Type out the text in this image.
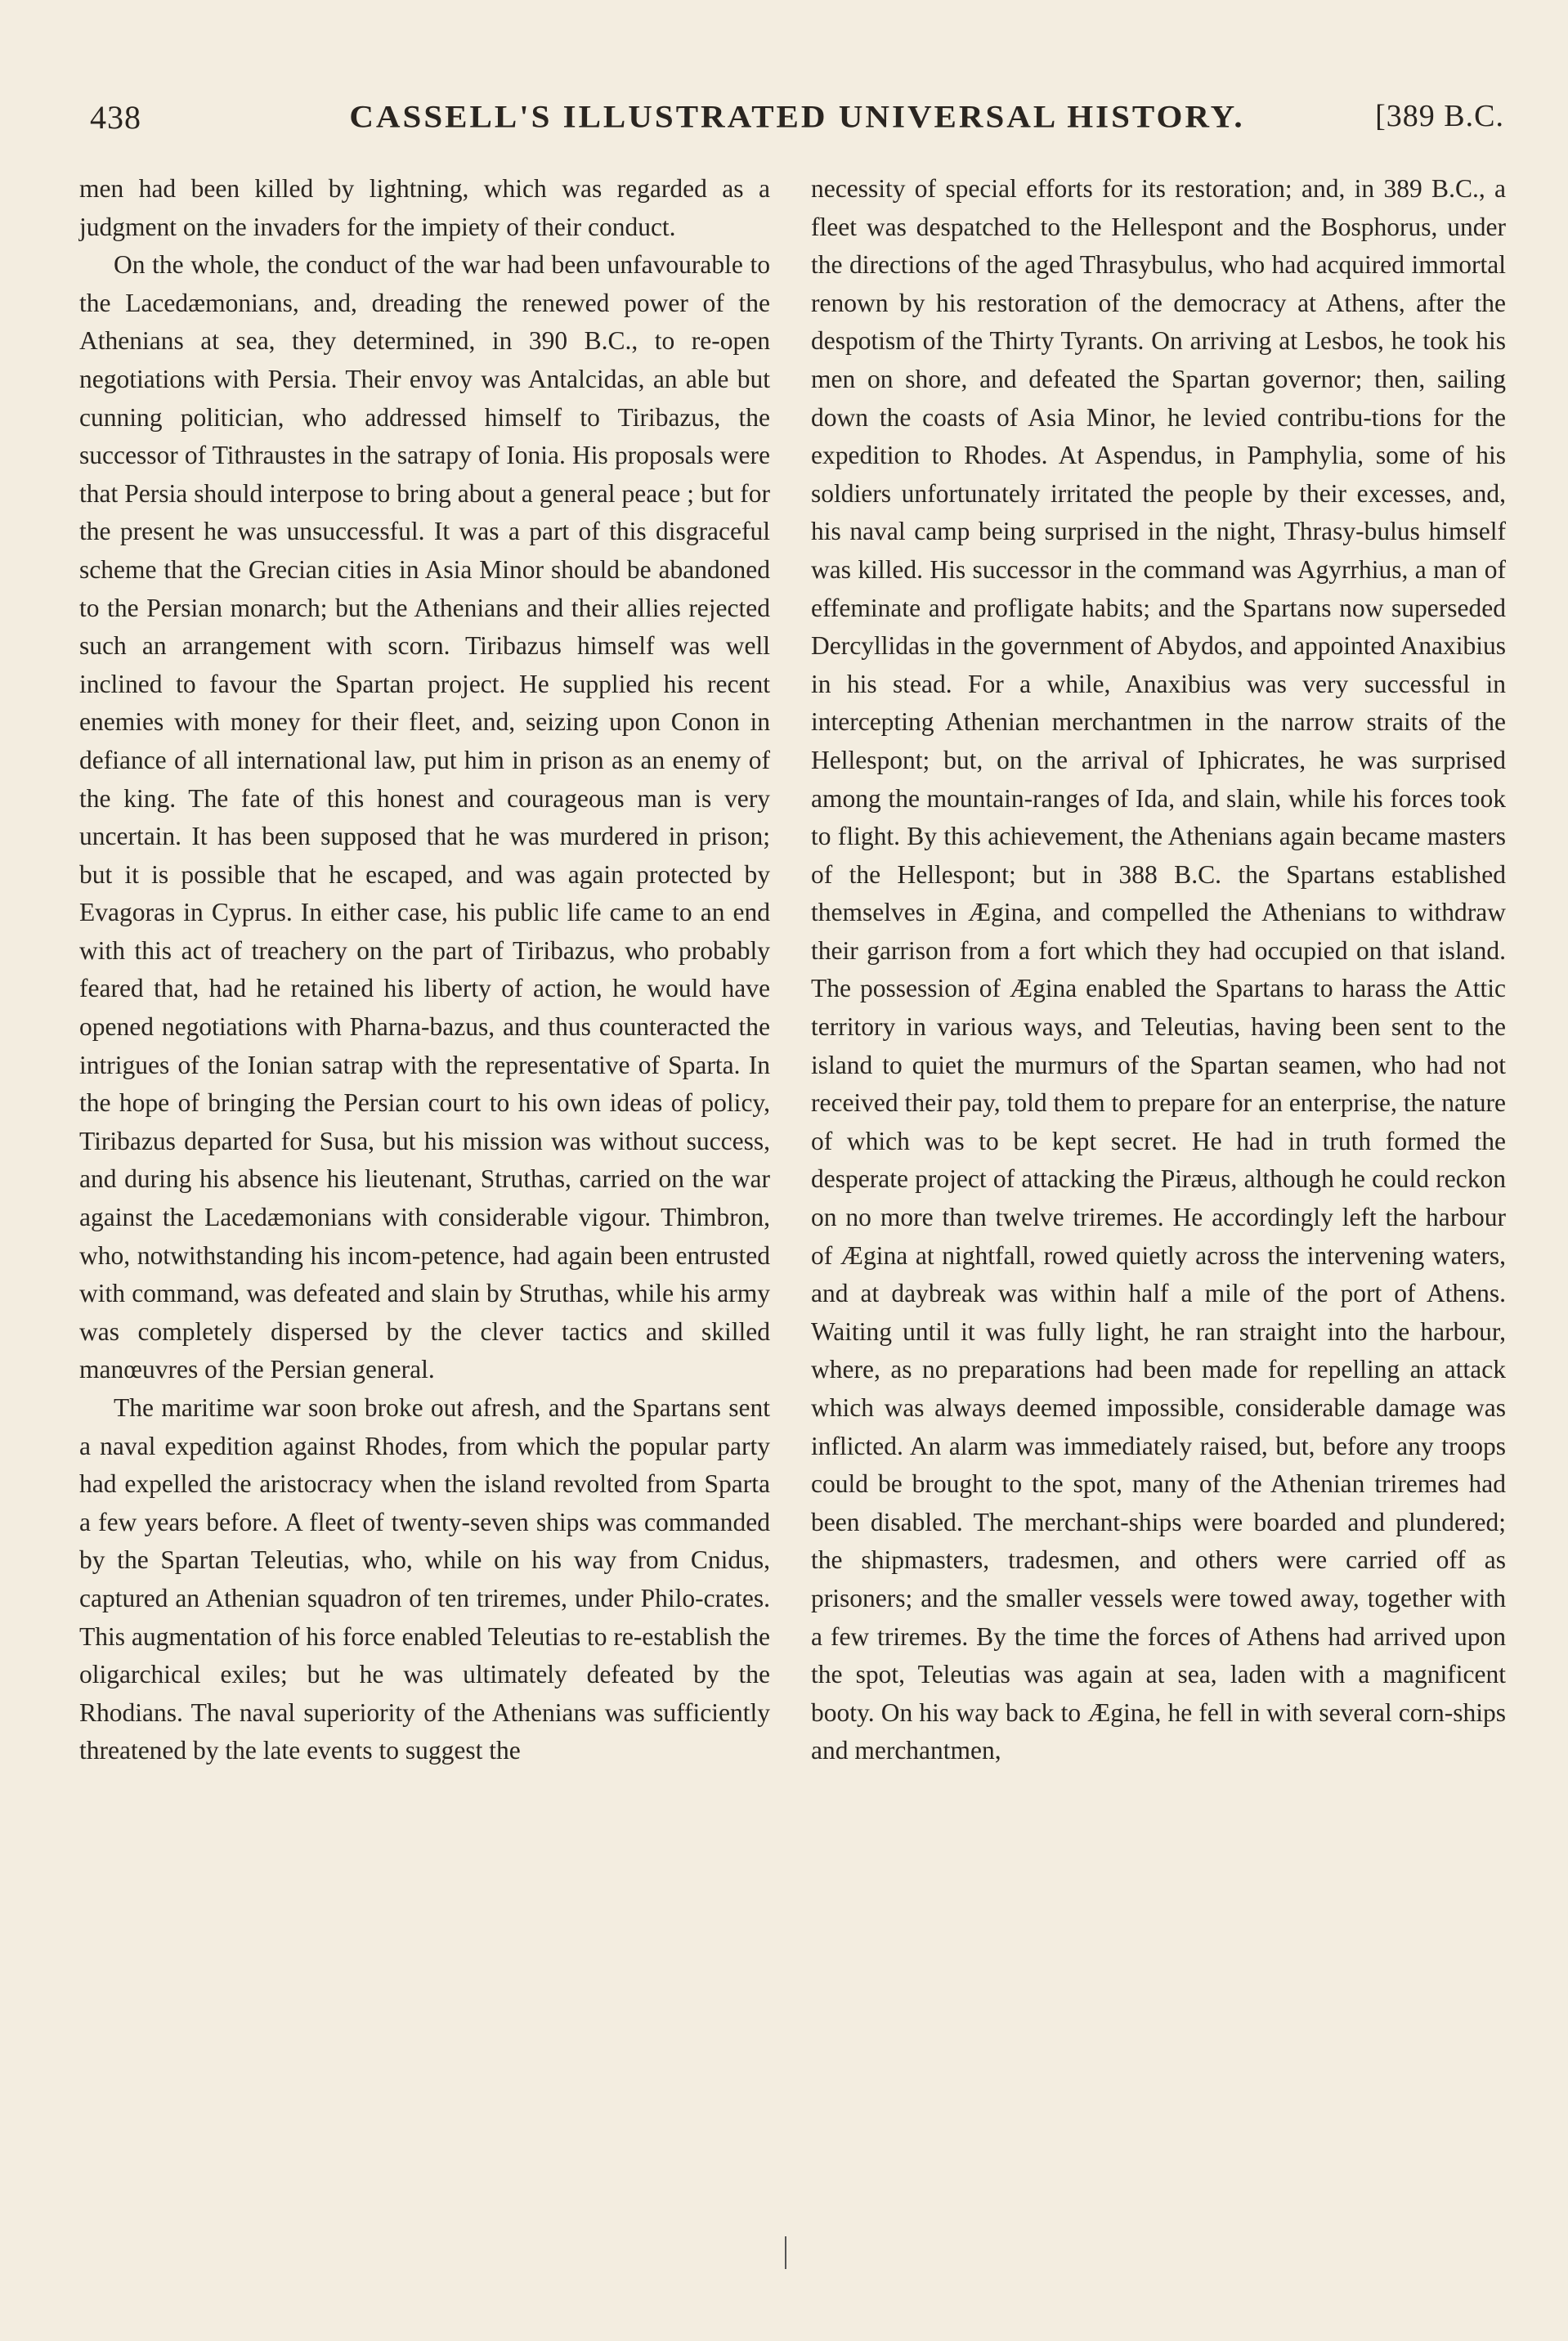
438	CASSELL'S ILLUSTRATED UNIVERSAL HISTORY.	[389 B.C.

men had been killed by lightning, which was regarded as a judgment on the invaders for the impiety of their conduct.

On the whole, the conduct of the war had been unfavourable to the Lacedæmonians, and, dreading the renewed power of the Athenians at sea, they determined, in 390 B.C., to re-open negotiations with Persia. Their envoy was Antalcidas, an able but cunning politician, who addressed himself to Tiribazus, the successor of Tithraustes in the satrapy of Ionia. His proposals were that Persia should interpose to bring about a general peace ; but for the present he was unsuccessful. It was a part of this disgraceful scheme that the Grecian cities in Asia Minor should be abandoned to the Persian monarch; but the Athenians and their allies rejected such an arrangement with scorn. Tiribazus himself was well inclined to favour the Spartan project. He supplied his recent enemies with money for their fleet, and, seizing upon Conon in defiance of all international law, put him in prison as an enemy of the king. The fate of this honest and courageous man is very uncertain. It has been supposed that he was murdered in prison; but it is possible that he escaped, and was again protected by Evagoras in Cyprus. In either case, his public life came to an end with this act of treachery on the part of Tiribazus, who probably feared that, had he retained his liberty of action, he would have opened negotiations with Pharna-bazus, and thus counteracted the intrigues of the Ionian satrap with the representative of Sparta. In the hope of bringing the Persian court to his own ideas of policy, Tiribazus departed for Susa, but his mission was without success, and during his absence his lieutenant, Struthas, carried on the war against the Lacedæmonians with considerable vigour. Thimbron, who, notwithstanding his incom-petence, had again been entrusted with command, was defeated and slain by Struthas, while his army was completely dispersed by the clever tactics and skilled manœuvres of the Persian general.

The maritime war soon broke out afresh, and the Spartans sent a naval expedition against Rhodes, from which the popular party had expelled the aristocracy when the island revolted from Sparta a few years before. A fleet of twenty-seven ships was commanded by the Spartan Teleutias, who, while on his way from Cnidus, captured an Athenian squadron of ten triremes, under Philo-crates. This augmentation of his force enabled Teleutias to re-establish the oligarchical exiles; but he was ultimately defeated by the Rhodians. The naval superiority of the Athenians was sufficiently threatened by the late events to suggest the

necessity of special efforts for its restoration; and, in 389 B.C., a fleet was despatched to the Hellespont and the Bosphorus, under the directions of the aged Thrasybulus, who had acquired immortal renown by his restoration of the democracy at Athens, after the despotism of the Thirty Tyrants. On arriving at Lesbos, he took his men on shore, and defeated the Spartan governor; then, sailing down the coasts of Asia Minor, he levied contribu-tions for the expedition to Rhodes. At Aspendus, in Pamphylia, some of his soldiers unfortunately irritated the people by their excesses, and, his naval camp being surprised in the night, Thrasy-bulus himself was killed. His successor in the command was Agyrrhius, a man of effeminate and profligate habits; and the Spartans now superseded Dercyllidas in the government of Abydos, and appointed Anaxibius in his stead. For a while, Anaxibius was very successful in intercepting Athenian merchantmen in the narrow straits of the Hellespont; but, on the arrival of Iphicrates, he was surprised among the mountain-ranges of Ida, and slain, while his forces took to flight. By this achievement, the Athenians again became masters of the Hellespont; but in 388 B.C. the Spartans established themselves in Ægina, and compelled the Athenians to withdraw their garrison from a fort which they had occupied on that island. The possession of Ægina enabled the Spartans to harass the Attic territory in various ways, and Teleutias, having been sent to the island to quiet the murmurs of the Spartan seamen, who had not received their pay, told them to prepare for an enterprise, the nature of which was to be kept secret. He had in truth formed the desperate project of attacking the Piræus, although he could reckon on no more than twelve triremes. He accordingly left the harbour of Ægina at nightfall, rowed quietly across the intervening waters, and at daybreak was within half a mile of the port of Athens. Waiting until it was fully light, he ran straight into the harbour, where, as no preparations had been made for repelling an attack which was always deemed impossible, considerable damage was inflicted. An alarm was immediately raised, but, before any troops could be brought to the spot, many of the Athenian triremes had been disabled. The merchant-ships were boarded and plundered; the shipmasters, tradesmen, and others were carried off as prisoners; and the smaller vessels were towed away, together with a few triremes. By the time the forces of Athens had arrived upon the spot, Teleutias was again at sea, laden with a magnificent booty. On his way back to Ægina, he fell in with several corn-ships and merchantmen,
